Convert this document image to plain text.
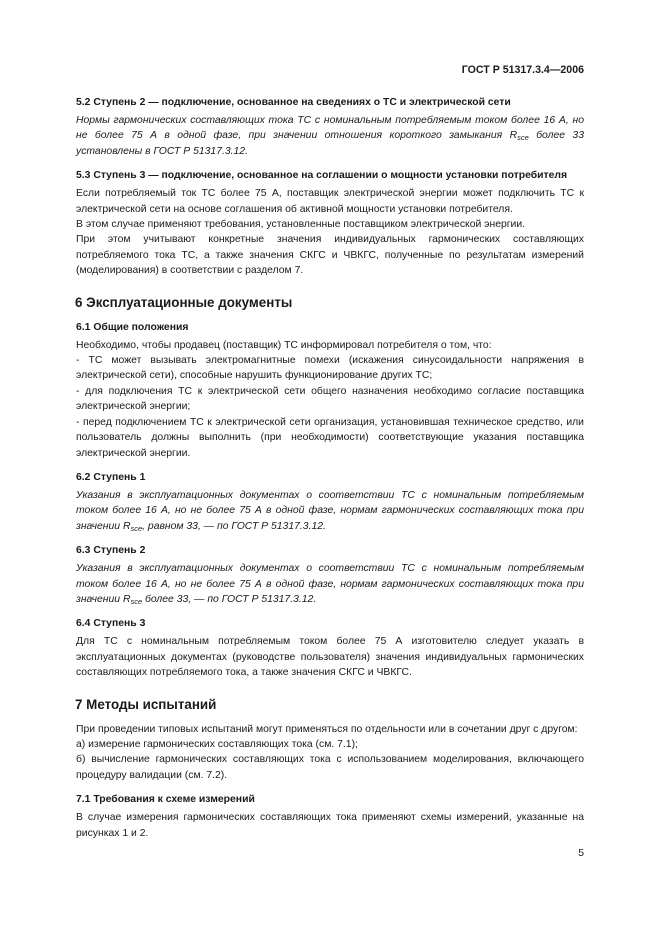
ГОСТ Р 51317.3.4—2006
5.2 Ступень 2 — подключение, основанное на сведениях о ТС и электрической сети

Нормы гармонических составляющих тока ТС с номинальным потребляемым током более 16 А, но не более 75 А в одной фазе, при значении отношения короткого замыкания $R_{sce}$ более 33 установлены в ГОСТ Р 51317.3.12.

5.3 Ступень 3 — подключение, основанное на соглашении о мощности установки потребителя

Если потребляемый ток ТС более 75 А, поставщик электрической энергии может подключить ТС к электрической сети на основе соглашения об активной мощности установки потребителя.

В этом случае применяют требования, установленные поставщиком электрической энергии.

При этом учитывают конкретные значения индивидуальных гармонических составляющих потребляемого тока ТС, а также значения СКГС и ЧВКГС, полученные по результатам измерений (моделирования) в соответствии с разделом 7.

6 Эксплуатационные документы
6.1 Общие положения

Необходимо, чтобы продавец (поставщик) ТС информировал потребителя о том, что:

- ТС может вызывать электромагнитные помехи (искажения синусоидальности напряжения в электрической сети), способные нарушить функционирование других ТС;

- для подключения ТС к электрической сети общего назначения необходимо согласие поставщика электрической энергии;

- перед подключением ТС к электрической сети организация, установившая техническое средство, или пользователь должны выполнить (при необходимости) соответствующие указания поставщика электрической энергии.

6.2 Ступень 1

Указания в эксплуатационных документах о соответствии ТС с номинальным потребляемым током более 16 А, но не более 75 А в одной фазе, нормам гармонических составляющих тока при значении $R_{sce}$, равном 33, — по ГОСТ Р 51317.3.12.

6.3 Ступень 2

Указания в эксплуатационных документах о соответствии ТС с номинальным потребляемым током более 16 А, но не более 75 А в одной фазе, нормам гармонических составляющих тока при значении $R_{sce}$ более 33, — по ГОСТ Р 51317.3.12.

6.4 Ступень 3

Для ТС с номинальным потребляемым током более 75 А изготовителю следует указать в эксплуатационных документах (руководстве пользователя) значения индивидуальных гармонических составляющих потребляемого тока, а также значения СКГС и ЧВКГС.

7 Методы испытаний

При проведении типовых испытаний могут применяться по отдельности или в сочетании друг с другом:

а) измерение гармонических составляющих тока (см. 7.1);

б) вычисление гармонических составляющих тока с использованием моделирования, включающего процедуру валидации (см. 7.2).

7.1 Требования к схеме измерений

В случае измерения гармонических составляющих тока применяют схемы измерений, указанные на рисунках 1 и 2.

5
